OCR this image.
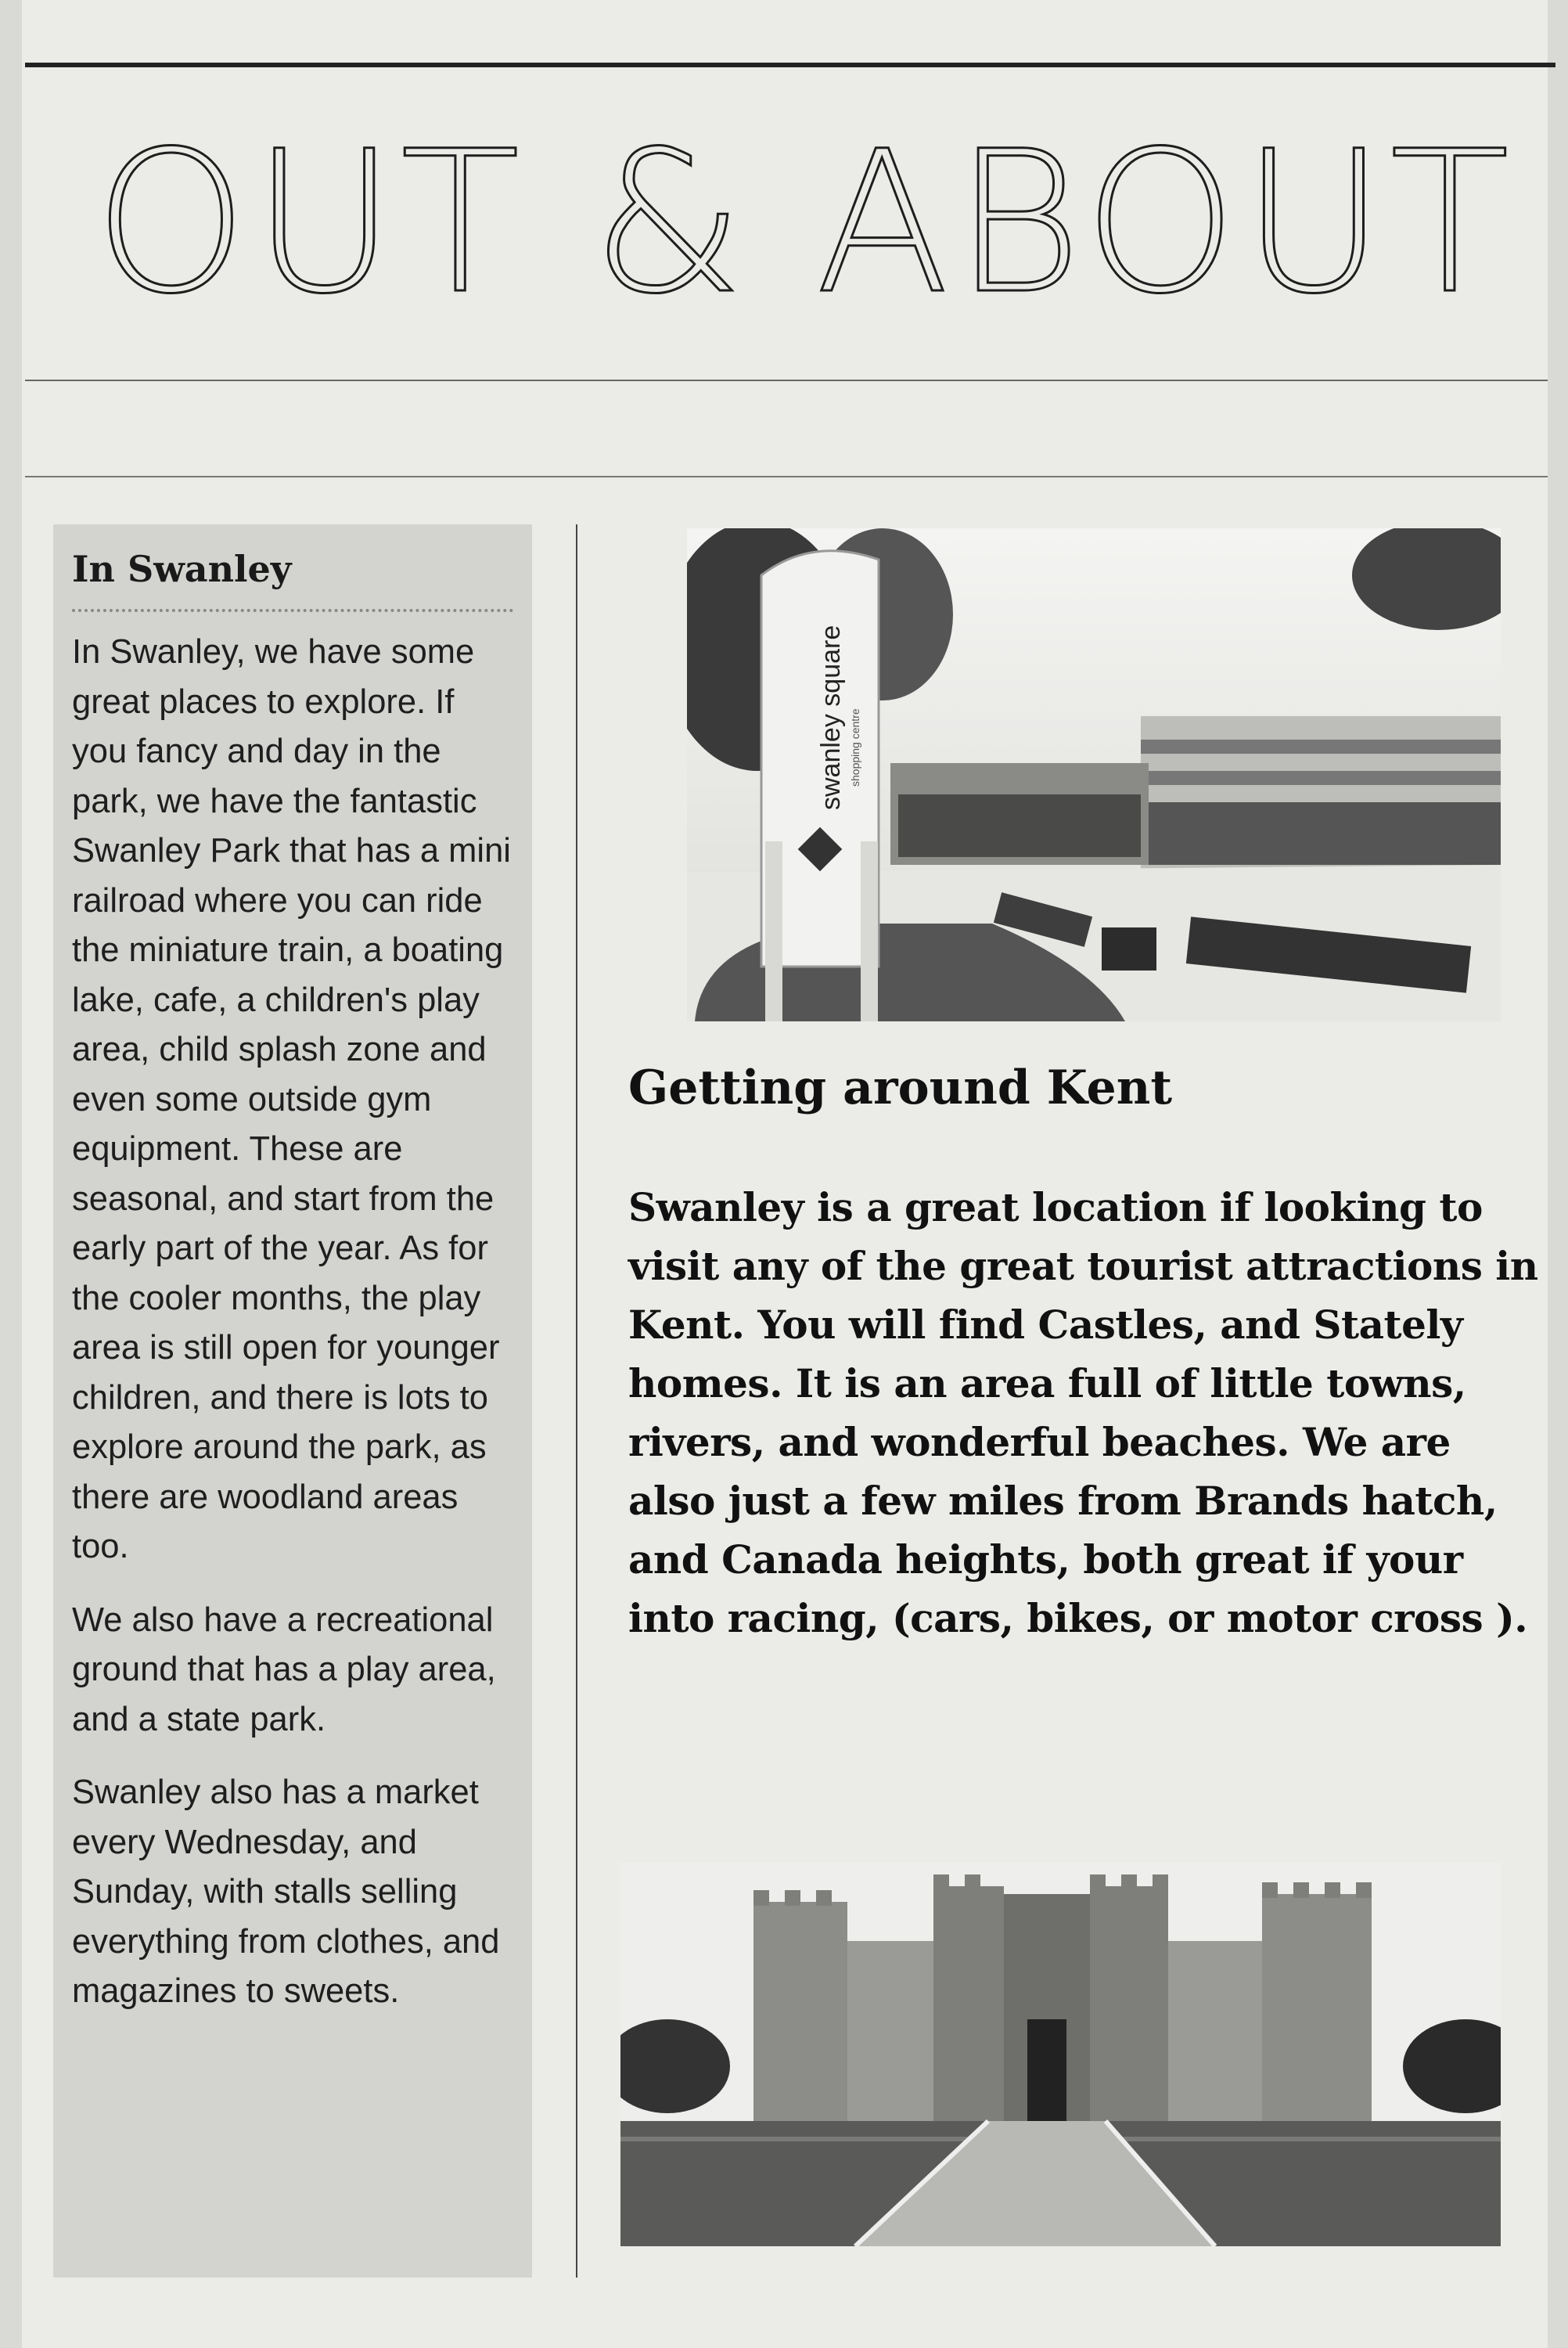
OUT & ABOUT
In Swanley

In Swanley, we have some great places to explore. If you fancy and day in the park, we have the fantastic Swanley Park that has a mini railroad where you can ride the miniature train, a boating lake, cafe, a children's play area, child splash zone and even some outside gym equipment. These are seasonal, and start from the early part of the year. As for the cooler months, the play area is still open for younger children, and there is lots to explore around the park, as there are woodland areas too.

We also have a recreational ground that has a play area, and a state park.

Swanley also has a market every Wednesday, and Sunday, with stalls selling everything from clothes, and magazines to sweets.

swanley square shopping centre
Getting around Kent

Swanley is a great location if looking to visit any of the great tourist attractions in Kent. You will find Castles, and Stately homes. It is an area full of little towns, rivers, and wonderful beaches. We are also just a few miles from Brands hatch, and Canada heights, both great if your into racing, (cars, bikes, or motor cross ).
